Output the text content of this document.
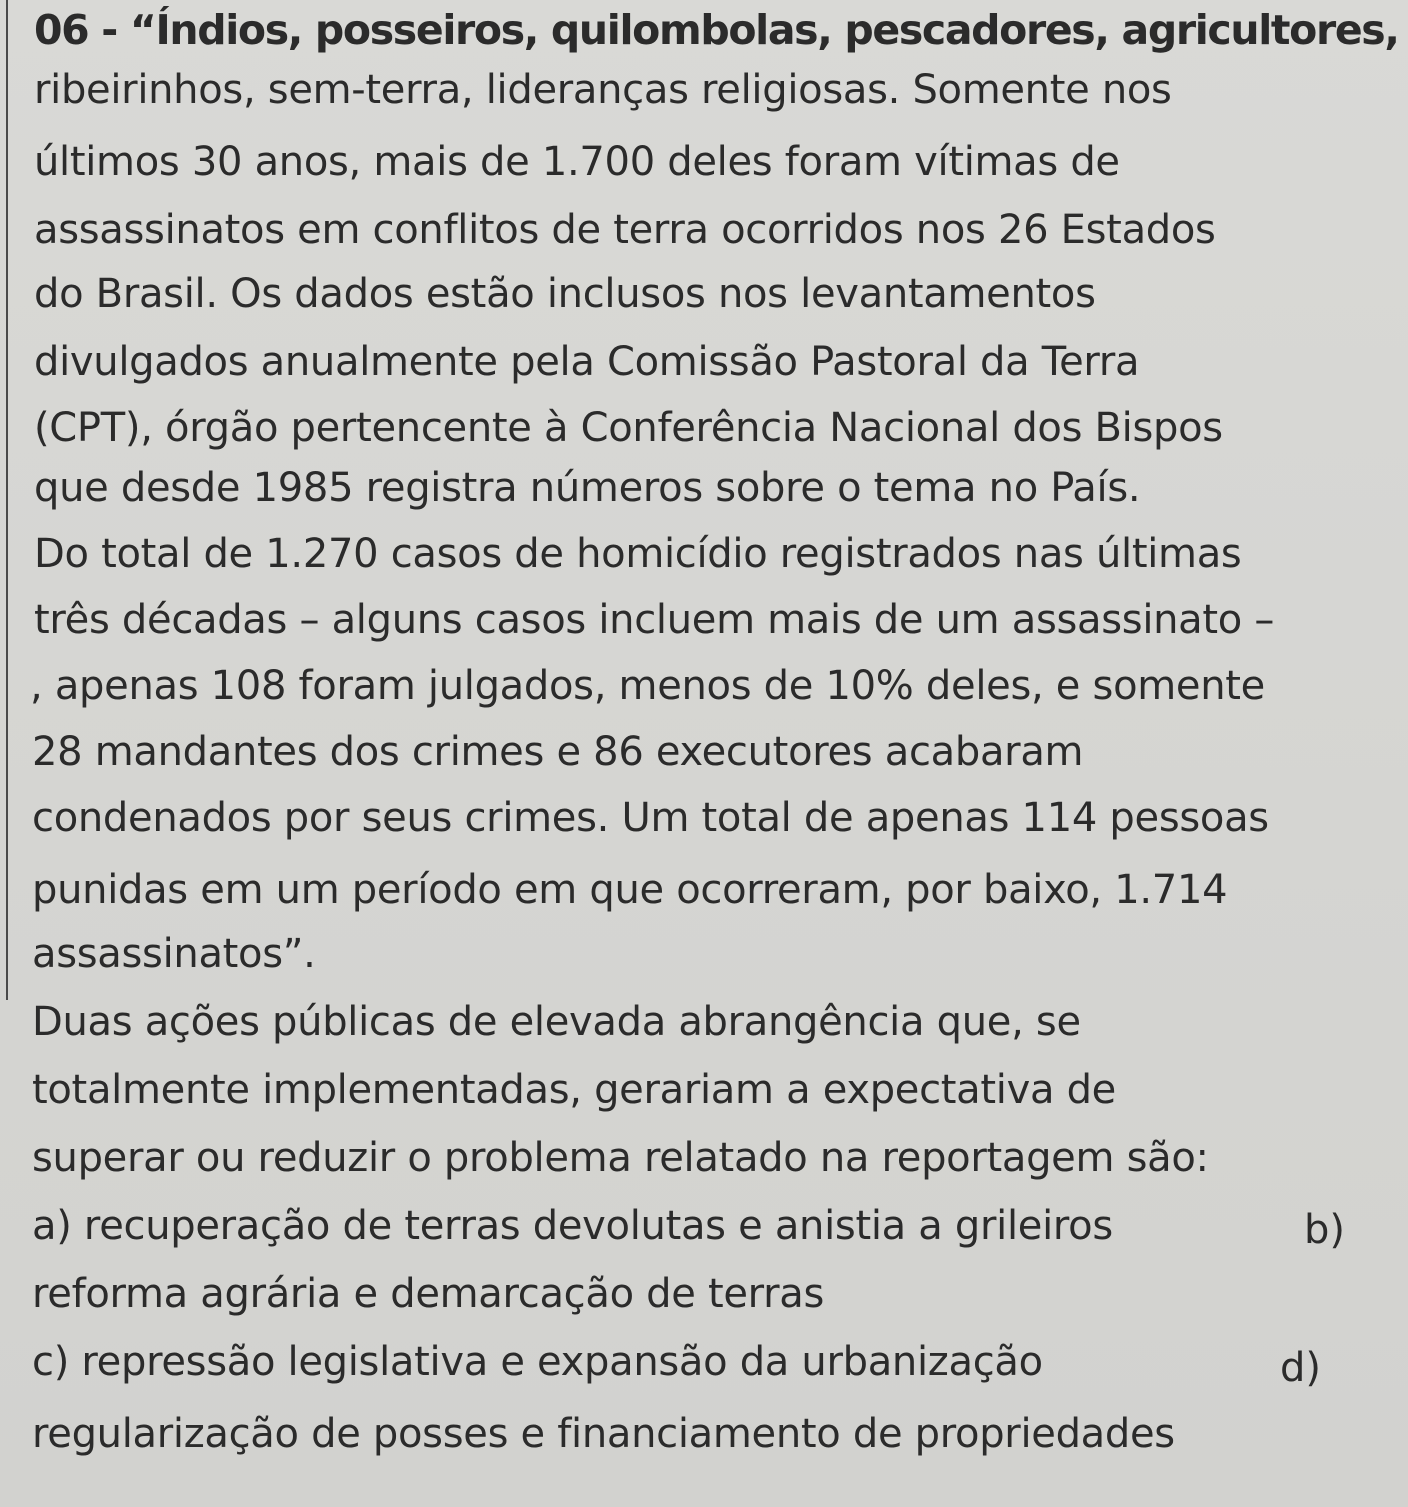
06 - “Índios, posseiros, quilombolas, pescadores, agricultores,
ribeirinhos, sem-terra, lideranças religiosas. Somente nos
últimos 30 anos, mais de 1.700 deles foram vítimas de
assassinatos em conflitos de terra ocorridos nos 26 Estados
do Brasil. Os dados estão inclusos nos levantamentos
divulgados anualmente pela Comissão Pastoral da Terra
(CPT), órgão pertencente à Conferência Nacional dos Bispos
que desde 1985 registra números sobre o tema no País.
Do total de 1.270 casos de homicídio registrados nas últimas
três décadas – alguns casos incluem mais de um assassinato –
, apenas 108 foram julgados, menos de 10% deles, e somente
28 mandantes dos crimes e 86 executores acabaram
condenados por seus crimes. Um total de apenas 114 pessoas
punidas em um período em que ocorreram, por baixo, 1.714
assassinatos”.
Duas ações públicas de elevada abrangência que, se
totalmente implementadas, gerariam a expectativa de
superar ou reduzir o problema relatado na reportagem são:
a) recuperação de terras devolutas e anistia a grileiros	b)
reforma agrária e demarcação de terras
c) repressão legislativa e expansão da urbanização	d)
regularização de posses e financiamento de propriedades
